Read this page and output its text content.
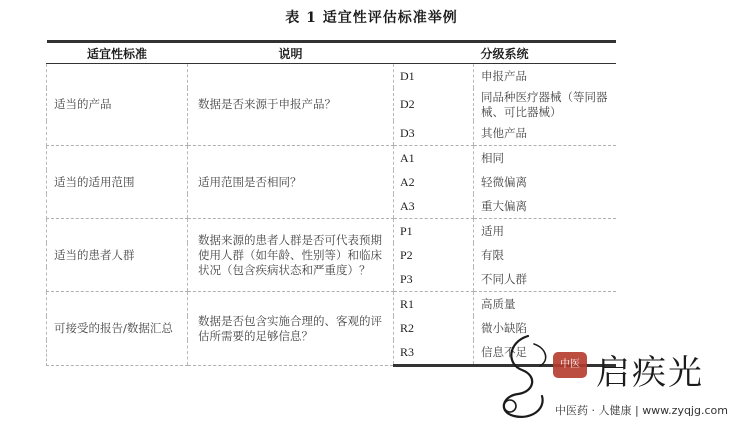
表 1 适宜性评估标准举例
适宜性标准	说明	分级系统	
适当的产品	数据是否来源于申报产品？	D1	申报产品
		D2	同品种医疗器械（等同器械、可比器械）
		D3	其他产品
适当的适用范围	适用范围是否相同？	A1	相同
		A2	轻微偏离
		A3	重大偏离
适当的患者人群	数据来源的患者人群是否可代表预期使用人群（如年龄、性别等）和临床状况（包含疾病状态和严重度）？	P1	适用
		P2	有限
		P3	不同人群
可接受的报告/数据汇总	数据是否包含实施合理的、客观的评估所需要的足够信息？	R1	高质量
		R2	微小缺陷
		R3	信息不足
中医 启疾光
中医药 · 人健康 | www.zyqjg.com
